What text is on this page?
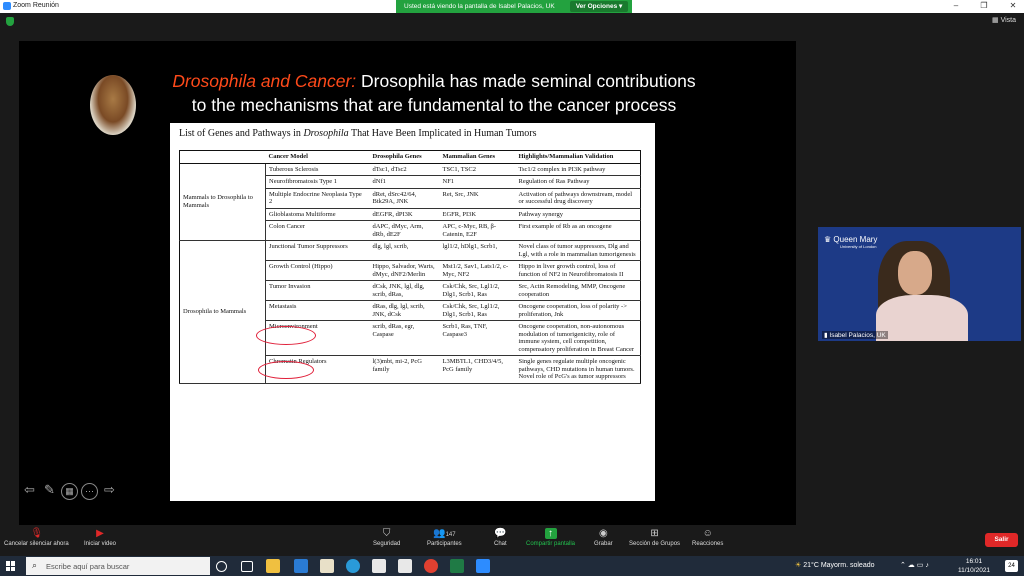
Zoom Reunión	Usted está viendo la pantalla de Isabel Palacios, UK	Ver Opciones ▾	–	❐	✕
▦ Vista
Drosophila and Cancer: Drosophila has made seminal contributions
to the mechanisms that are fundamental to the cancer process
List of Genes and Pathways in Drosophila That Have Been Implicated in Human Tumors
	Cancer Model	Drosophila Genes	Mammalian Genes	Highlights/Mammalian Validation
Mammals to Drosophila to Mammals	Tuberous Sclerosis	dTsc1, dTsc2	TSC1, TSC2	Tsc1/2 complex in PI3K pathway
	Neurofibromatosis Type 1	dNf1	NF1	Regulation of Ras Pathway
	Multiple Endocrine Neoplasia Type 2	dRet, dSrc42/64, Btk29A, JNK	Ret, Src, JNK	Activation of pathways downstream, model or successful drug discovery
	Glioblastoma Multiforme	dEGFR, dPI3K	EGFR, PI3K	Pathway synergy
	Colon Cancer	dAPC, dMyc, Arm, dRb, dE2F	APC, c-Myc, RB, β-Catenin, E2F	First example of Rb as an oncogene
Drosophila to Mammals	Junctional Tumor Suppressors	dlg, lgl, scrib,	lgl1/2, hDlg1, Scrb1,	Novel class of tumor suppressors, Dlg and Lgl, with a role in mammalian tumorigenesis
	Growth Control (Hippo)	Hippo, Salvador, Warts, dMyc, dNF2/Merlin	Mst1/2, Sav1, Lats1/2, c-Myc, NF2	Hippo in liver growth control, loss of function of NF2 in Neurofibromatosis II
	Tumor Invasion	dCsk, JNK, lgl, dlg, scrib, dRas,	Csk/Chk, Src, Lgl1/2, Dlg1, Scrb1, Ras	Src, Actin Remodeling, MMP, Oncogene cooperation
	Metastasis	dRas, dlg, lgl, scrib, JNK, dCsk	Csk/Chk, Src, Lgl1/2, Dlg1, Scrb1, Ras	Oncogene cooperation, loss of polarity -> proliferation, Jnk
	Microenvironment	scrib, dRas, egr, Caspase	Scrb1, Ras, TNF, Caspase3	Oncogene cooperation, non-autonomous modulation of tumorigenicity, role of immune system, cell competition, compensatory proliferation in Breast Cancer
	Chromatin Regulators	l(3)mbt, mi-2, PcG family	L3MBTL1, CHD3/4/5, PcG family	Single genes regulate multiple oncogenic pathways, CHD mutations in human tumors. Novel role of PcG's as tumor suppressors
⇦ ✎	▦	⋯ ⇨
♛ Queen Mary
University of London
▮ Isabel Palacios, UK
🎙
Cancelar silenciar ahora
▶
Iniciar video
⛉
Seguridad
👥147
Participantes
💬
Chat
↑
Compartir pantalla
◉
Grabar
⊞
Sección de Grupos
☺
Reacciones
Salir
⌕ Escribe aquí para buscar	☀ 21°C Mayorm. soleado	⌃ ☁ ▭ ♪
16:01
11/10/2021
24
